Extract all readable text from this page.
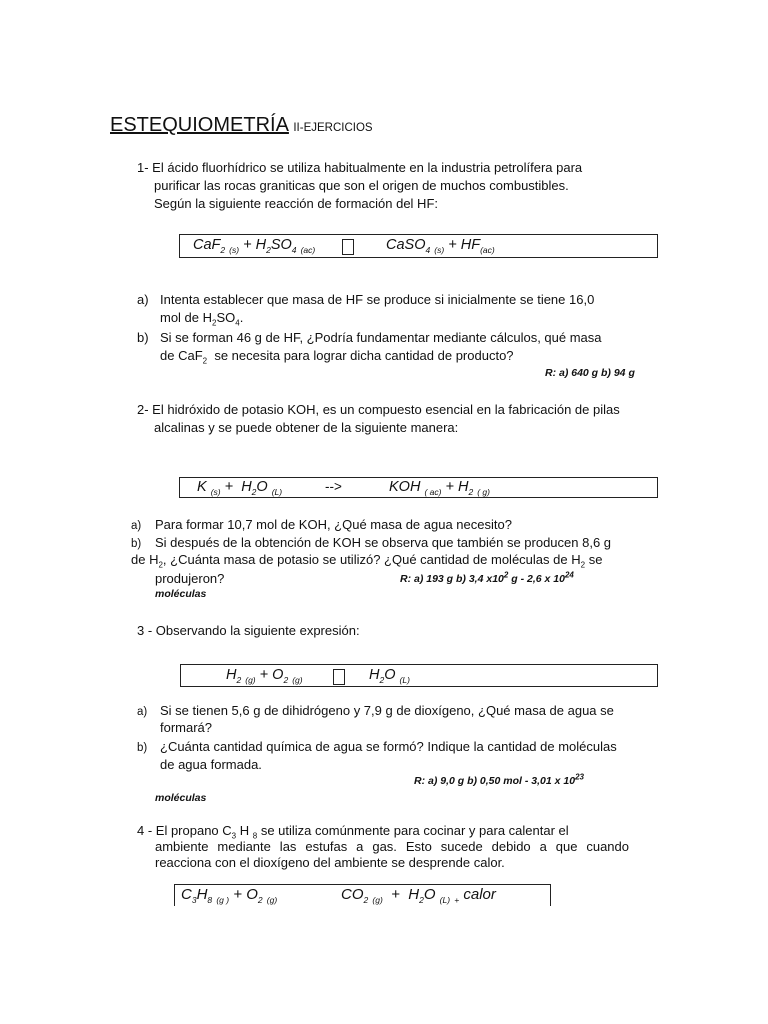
ESTEQUIOMETRÍA II-EJERCICIOS
1- El ácido fluorhídrico se utiliza habitualmente en la industria petrolífera para
purificar las rocas graniticas que son el origen de muchos combustibles.
Según la siguiente reacción de formación del HF:
CaF$_2$ $_{(s)} + H_2SO_4$ $_{(ac)}$	CaSO$_4$ $_{(s)} + HF_{(ac)}$
a) Intenta establecer que masa de HF se produce si inicialmente se tiene 16,0
mol de $H_2SO_4$.
b) Si se forman 46 g de HF, ¿Podría fundamentar mediante cálculos, qué masa
de CaF$_2$ se necesita para lograr dicha cantidad de producto?
R: a) 640 g b) 94 g
2- El hidróxido de potasio KOH, es un compuesto esencial en la fabricación de pilas
alcalinas y se puede obtener de la siguiente manera:
K $_{(s)} + H_2O$ $_{(L)}$	-->	KOH $_{( ac)} + H_2$ $_{( g)}$
a) Para formar 10,7 mol de KOH, ¿Qué masa de agua necesito?
b) Si después de la obtención de KOH se observa que también se producen 8,6 g
de $H_2$, ¿Cuánta masa de potasio se utilizó? ¿Qué cantidad de moléculas de $H_2$ se
produjeron?	R: a) 193 g b) 3,4 $x10^2$ g - 2,6 x $10^{24}$
moléculas
3 - Observando la siguiente expresión:
$H_2$ $_{(g)} + O_2$ $_{(g)}$	$H_2O$ $_{(L)}$
a) Si se tienen 5,6 g de dihidrógeno y 7,9 g de dioxígeno, ¿Qué masa de agua se
formará?
b) ¿Cuánta cantidad química de agua se formó? Indique la cantidad de moléculas
de agua formada.
R: a) 9,0 g b) 0,50 mol - 3,01 x $10^{23}$
moléculas
4 - El propano $C_3$ H $_8$ se utiliza comúnmente para cocinar y para calentar el
ambiente mediante las estufas a gas. Esto sucede debido a que cuando
reacciona con el dioxígeno del ambiente se desprende calor.
$C_3H_8$ $_{(g )} + O_2$ $_{(g)}$	$CO_2$ $_{(g)} + H_2O$ $_{(L)}$ $_+$ calor
